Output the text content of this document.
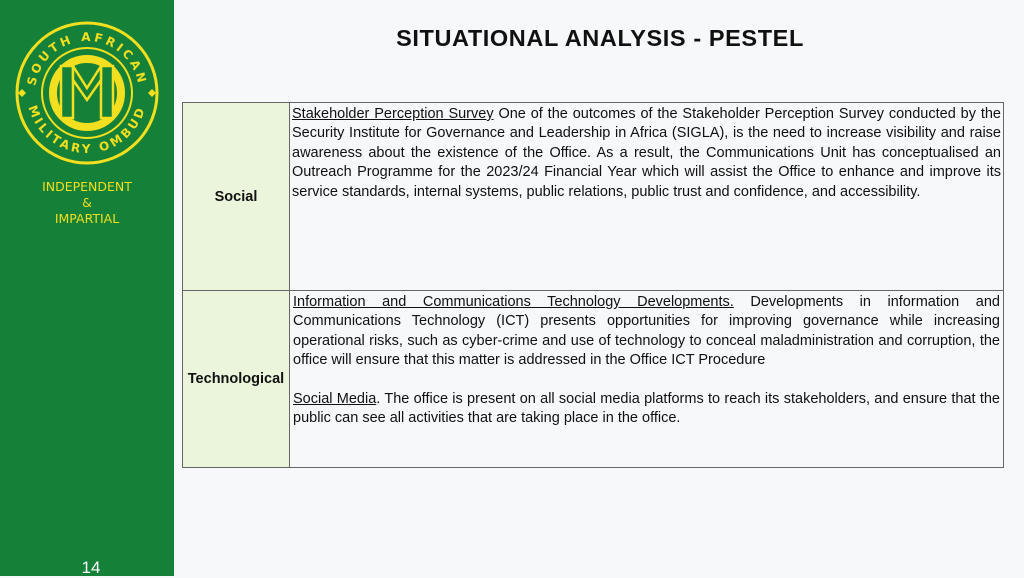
SOUTH AFRICAN
MILITARY OMBUD
INDEPENDENT
&
IMPARTIAL
14
SITUATIONAL ANALYSIS - PESTEL
Social	Stakeholder Perception Survey One of the outcomes of the Stakeholder Perception Survey conducted by the Security Institute for Governance and Leadership in Africa (SIGLA), is the need to increase visibility and raise awareness about the existence of the Office. As a result, the Communications Unit has conceptualised an Outreach Programme for the 2023/24 Financial Year which will assist the Office to enhance and improve its service standards, internal systems, public relations, public trust and confidence, and accessibility.

Technological	Information and Communications Technology Developments. Developments in information and Communications Technology (ICT) presents opportunities for improving governance while increasing operational risks, such as cyber-crime and use of technology to conceal maladministration and corruption, the office will ensure that this matter is addressed in the Office ICT Procedure
Social Media. The office is present on all social media platforms to reach its stakeholders, and ensure that the public can see all activities that are taking place in the office.
